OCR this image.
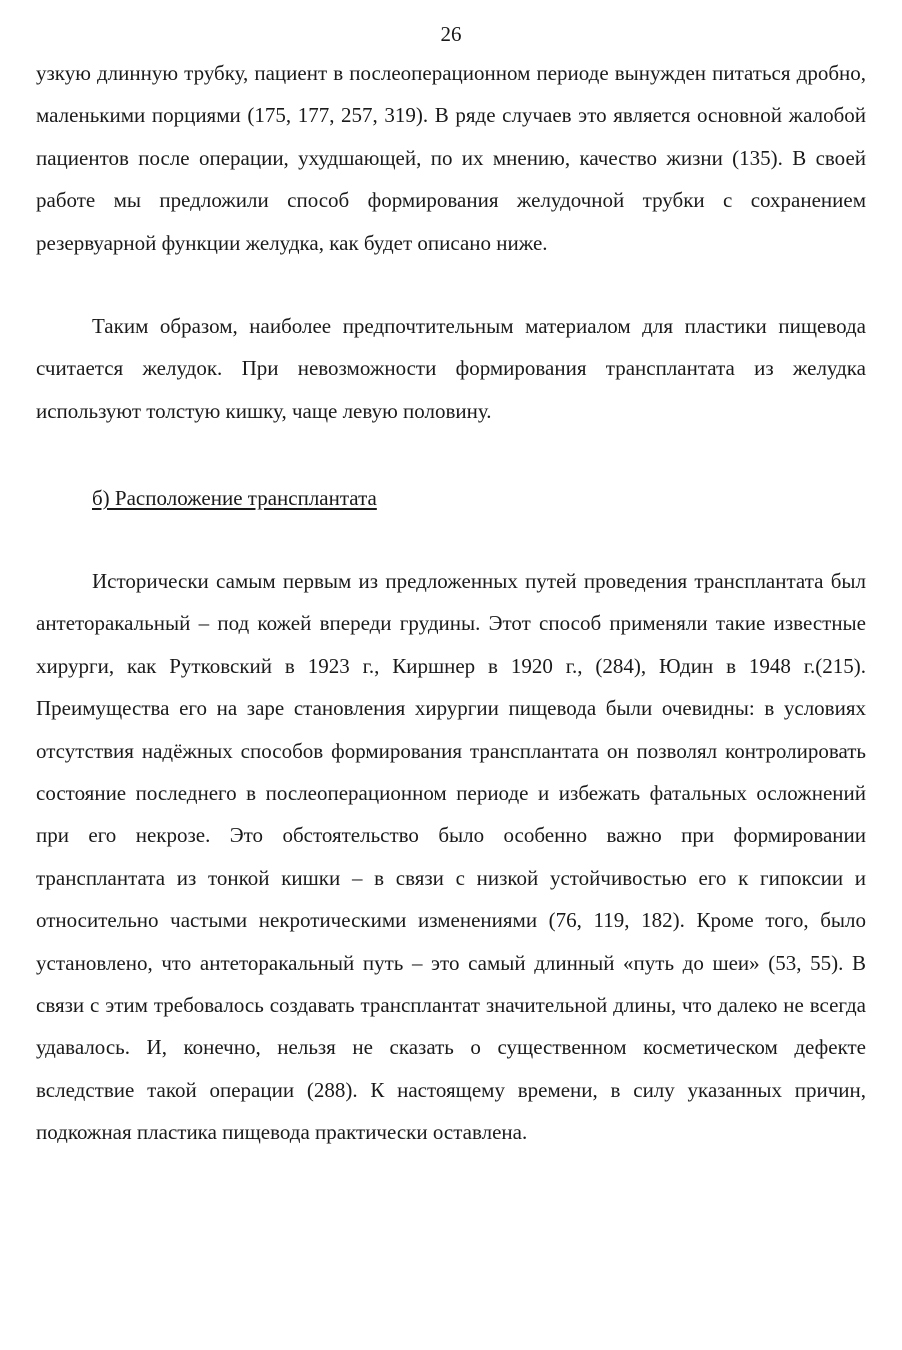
26

узкую длинную трубку, пациент в послеоперационном периоде вынужден питаться дробно, маленькими порциями (175, 177, 257, 319). В ряде случаев это является основной жалобой пациентов после операции, ухудшающей, по их мнению, качество жизни (135). В своей работе мы предложили способ формирования желудочной трубки с сохранением резервуарной функции желудка, как будет описано ниже.

Таким образом, наиболее предпочтительным материалом для пластики пищевода считается желудок. При невозможности формирования трансплантата из желудка используют толстую кишку, чаще левую половину.

б) Расположение трансплантата

Исторически самым первым из предложенных путей проведения трансплантата был антеторакальный – под кожей впереди грудины. Этот способ применяли такие известные хирурги, как Рутковский в 1923 г., Киршнер в 1920 г., (284), Юдин в 1948 г.(215). Преимущества его на заре становления хирургии пищевода были очевидны: в условиях отсутствия надёжных способов формирования трансплантата он позволял контролировать состояние последнего в послеоперационном периоде и избежать фатальных осложнений при его некрозе. Это обстоятельство было особенно важно при формировании трансплантата из тонкой кишки – в связи с низкой устойчивостью его к гипоксии и относительно частыми некротическими изменениями (76, 119, 182). Кроме того, было установлено, что антеторакальный путь – это самый длинный «путь до шеи» (53, 55). В связи с этим требовалось создавать трансплантат значительной длины, что далеко не всегда удавалось. И, конечно, нельзя не сказать о существенном косметическом дефекте вследствие такой операции (288). К настоящему времени, в силу указанных причин, подкожная пластика пищевода практически оставлена.
